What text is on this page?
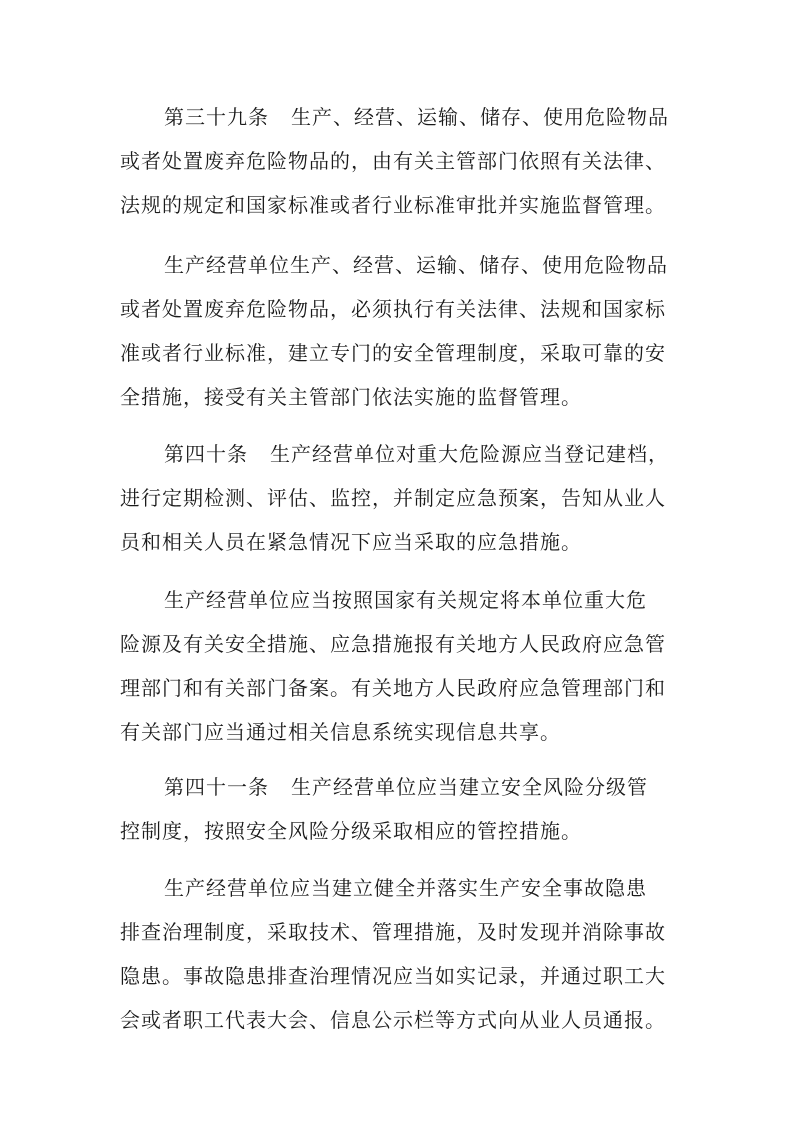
第三十九条 生产、经营、运输、储存、使用危险物品
或者处置废弃危险物品的，由有关主管部门依照有关法律、
法规的规定和国家标准或者行业标准审批并实施监督管理。
生产经营单位生产、经营、运输、储存、使用危险物品
或者处置废弃危险物品，必须执行有关法律、法规和国家标
准或者行业标准，建立专门的安全管理制度，采取可靠的安
全措施，接受有关主管部门依法实施的监督管理。
第四十条 生产经营单位对重大危险源应当登记建档，
进行定期检测、评估、监控，并制定应急预案，告知从业人
员和相关人员在紧急情况下应当采取的应急措施。
生产经营单位应当按照国家有关规定将本单位重大危
险源及有关安全措施、应急措施报有关地方人民政府应急管
理部门和有关部门备案。有关地方人民政府应急管理部门和
有关部门应当通过相关信息系统实现信息共享。
第四十一条 生产经营单位应当建立安全风险分级管
控制度，按照安全风险分级采取相应的管控措施。
生产经营单位应当建立健全并落实生产安全事故隐患
排查治理制度，采取技术、管理措施，及时发现并消除事故
隐患。事故隐患排查治理情况应当如实记录，并通过职工大
会或者职工代表大会、信息公示栏等方式向从业人员通报。
